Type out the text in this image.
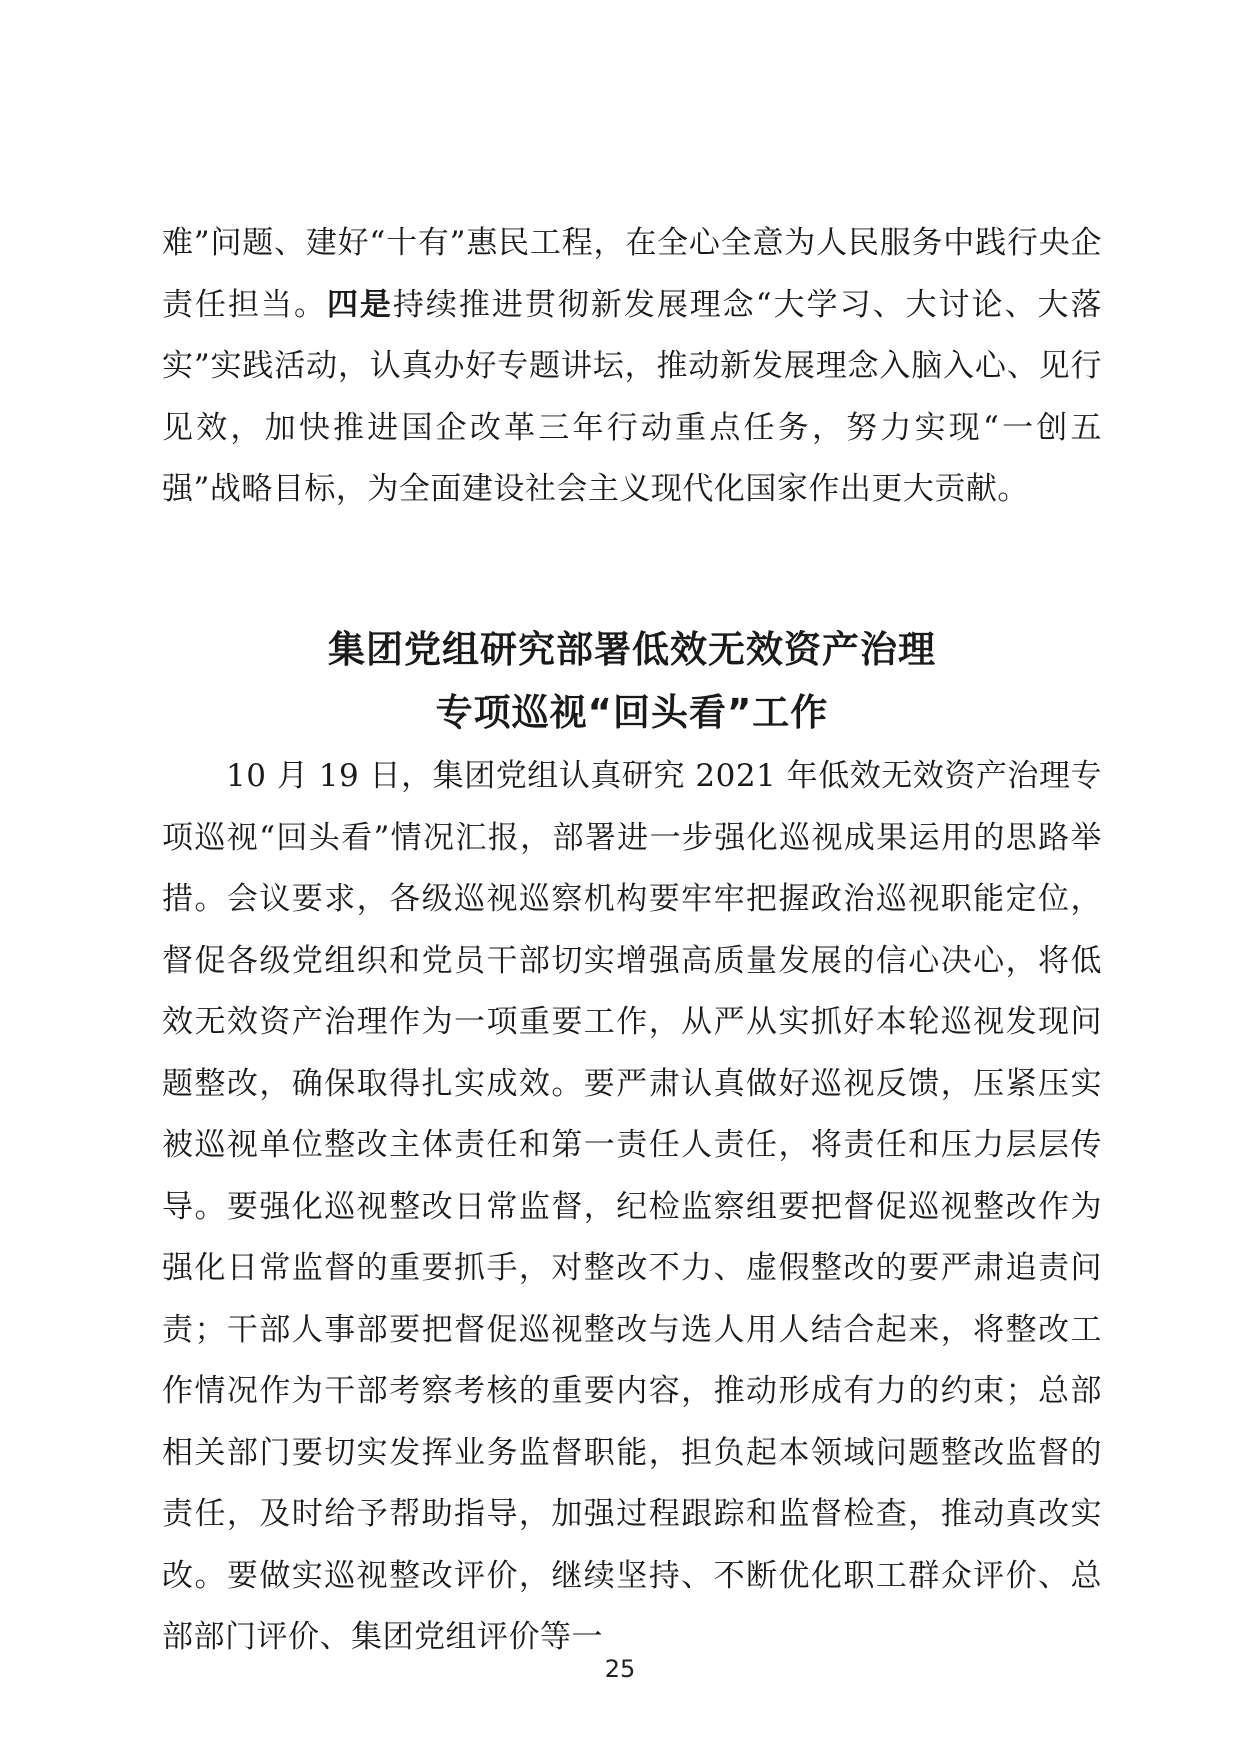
难”问题、建好“十有”惠民工程，在全心全意为人民服务中践行央企责任担当。四是持续推进贯彻新发展理念“大学习、大讨论、大落实”实践活动，认真办好专题讲坛，推动新发展理念入脑入心、见行见效，加快推进国企改革三年行动重点任务，努力实现“一创五强”战略目标，为全面建设社会主义现代化国家作出更大贡献。

集团党组研究部署低效无效资产治理
专项巡视“回头看”工作

10 月 19 日，集团党组认真研究 2021 年低效无效资产治理专项巡视“回头看”情况汇报，部署进一步强化巡视成果运用的思路举措。会议要求，各级巡视巡察机构要牢牢把握政治巡视职能定位，督促各级党组织和党员干部切实增强高质量发展的信心决心，将低效无效资产治理作为一项重要工作，从严从实抓好本轮巡视发现问题整改，确保取得扎实成效。要严肃认真做好巡视反馈，压紧压实被巡视单位整改主体责任和第一责任人责任，将责任和压力层层传导。要强化巡视整改日常监督，纪检监察组要把督促巡视整改作为强化日常监督的重要抓手，对整改不力、虚假整改的要严肃追责问责；干部人事部要把督促巡视整改与选人用人结合起来，将整改工作情况作为干部考察考核的重要内容，推动形成有力的约束；总部相关部门要切实发挥业务监督职能，担负起本领域问题整改监督的责任，及时给予帮助指导，加强过程跟踪和监督检查，推动真改实改。要做实巡视整改评价，继续坚持、不断优化职工群众评价、总部部门评价、集团党组评价等一

25
